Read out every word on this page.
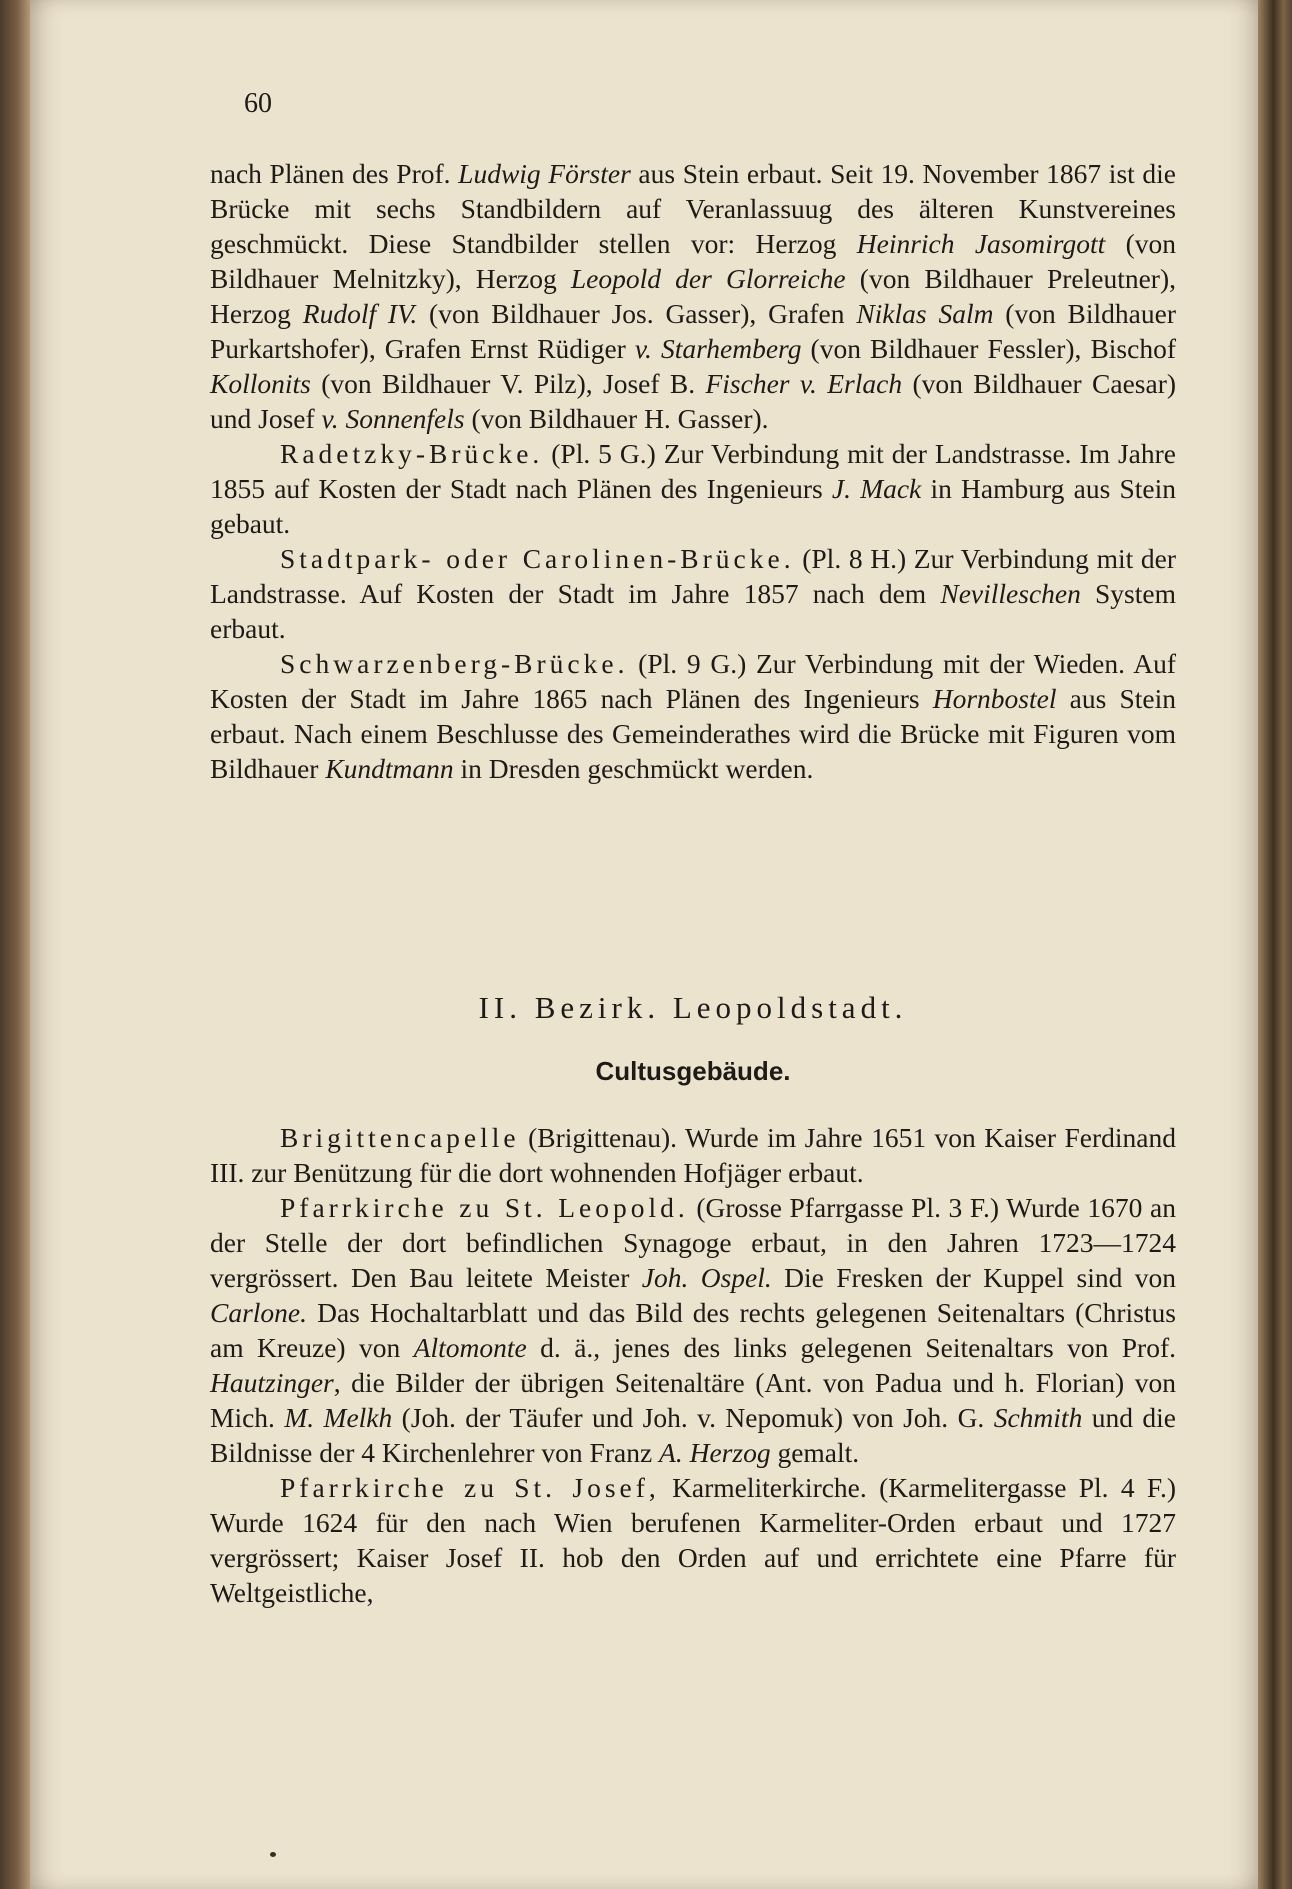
60

nach Plänen des Prof. Ludwig Förster aus Stein erbaut. Seit 19. November 1867 ist die Brücke mit sechs Standbildern auf Veranlassuug des älteren Kunstvereines geschmückt. Diese Standbilder stellen vor: Herzog Heinrich Jasomirgott (von Bildhauer Melnitzky), Herzog Leopold der Glorreiche (von Bildhauer Preleutner), Herzog Rudolf IV. (von Bildhauer Jos. Gasser), Grafen Niklas Salm (von Bildhauer Purkartshofer), Grafen Ernst Rüdiger v. Starhemberg (von Bildhauer Fessler), Bischof Kollonits (von Bildhauer V. Pilz), Josef B. Fischer v. Erlach (von Bildhauer Caesar) und Josef v. Sonnenfels (von Bildhauer H. Gasser).

Radetzky-Brücke. (Pl. 5 G.) Zur Verbindung mit der Landstrasse. Im Jahre 1855 auf Kosten der Stadt nach Plänen des Ingenieurs J. Mack in Hamburg aus Stein gebaut.

Stadtpark- oder Carolinen-Brücke. (Pl. 8 H.) Zur Verbindung mit der Landstrasse. Auf Kosten der Stadt im Jahre 1857 nach dem Nevilleschen System erbaut.

Schwarzenberg-Brücke. (Pl. 9 G.) Zur Verbindung mit der Wieden. Auf Kosten der Stadt im Jahre 1865 nach Plänen des Ingenieurs Hornbostel aus Stein erbaut. Nach einem Beschlusse des Gemeinderathes wird die Brücke mit Figuren vom Bildhauer Kundtmann in Dresden geschmückt werden.

II. Bezirk. Leopoldstadt.
Cultusgebäude.

Brigittencapelle (Brigittenau). Wurde im Jahre 1651 von Kaiser Ferdinand III. zur Benützung für die dort wohnenden Hofjäger erbaut.

Pfarrkirche zu St. Leopold. (Grosse Pfarrgasse Pl. 3 F.) Wurde 1670 an der Stelle der dort befindlichen Synagoge erbaut, in den Jahren 1723—1724 vergrössert. Den Bau leitete Meister Joh. Ospel. Die Fresken der Kuppel sind von Carlone. Das Hochaltarblatt und das Bild des rechts gelegenen Seitenaltars (Christus am Kreuze) von Altomonte d. ä., jenes des links gelegenen Seitenaltars von Prof. Hautzinger, die Bilder der übrigen Seitenaltäre (Ant. von Padua und h. Florian) von Mich. M. Melkh (Joh. der Täufer und Joh. v. Nepomuk) von Joh. G. Schmith und die Bildnisse der 4 Kirchenlehrer von Franz A. Herzog gemalt.

Pfarrkirche zu St. Josef, Karmeliterkirche. (Karmelitergasse Pl. 4 F.) Wurde 1624 für den nach Wien berufenen Karmeliter-Orden erbaut und 1727 vergrössert; Kaiser Josef II. hob den Orden auf und errichtete eine Pfarre für Weltgeistliche,
